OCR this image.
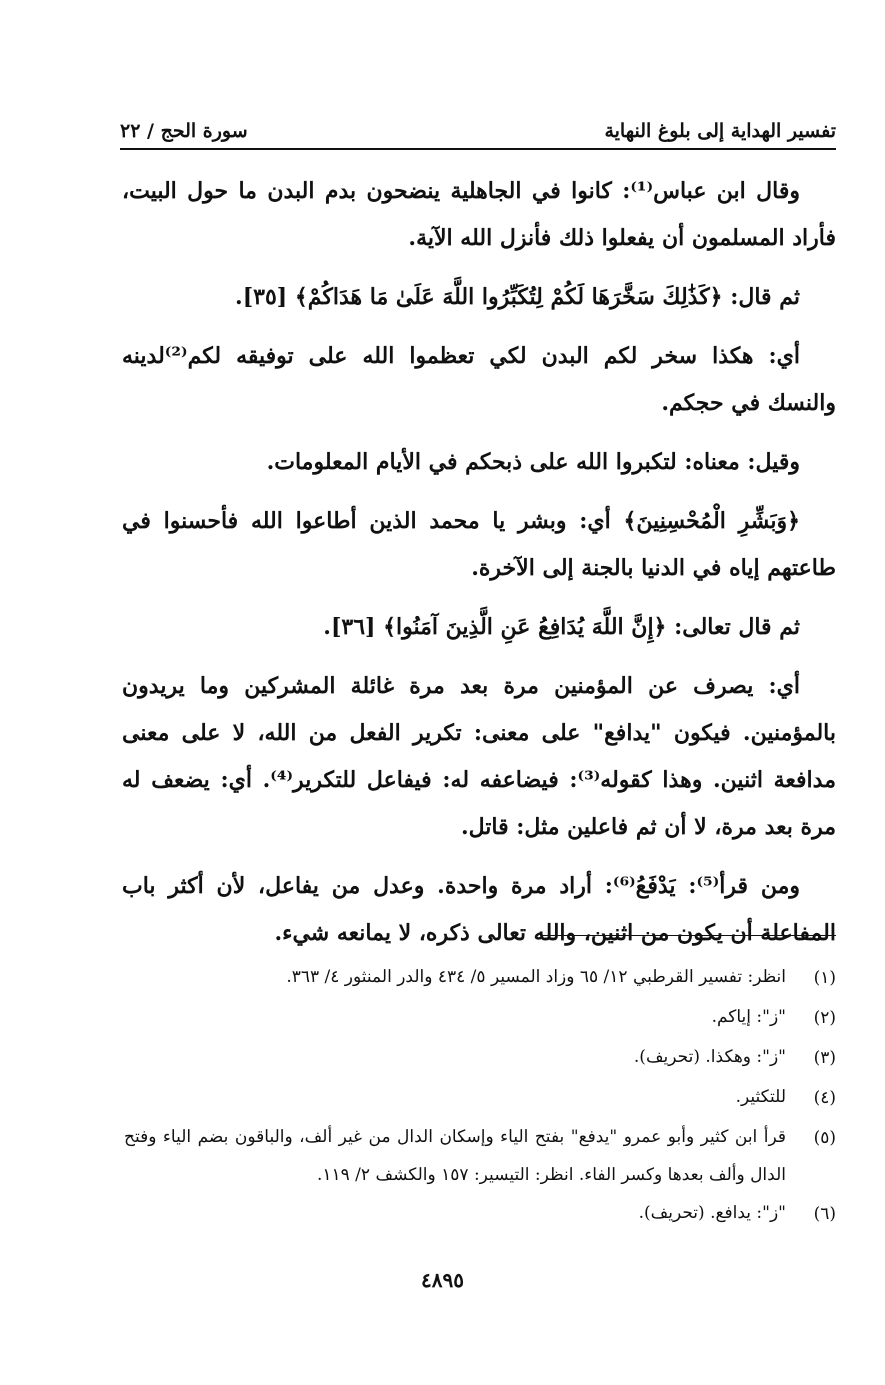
تفسير الهداية إلى بلوغ النهاية
سورة الحج / ٢٢

وقال ابن عباس⁽¹⁾: كانوا في الجاهلية ينضحون بدم البدن ما حول البيت، فأراد المسلمون أن يفعلوا ذلك فأنزل الله الآية.

ثم قال: ﴿كَذَٰلِكَ سَخَّرَهَا لَكُمْ لِتُكَبِّرُوا اللَّهَ عَلَىٰ مَا هَدَاكُمْ﴾ [٣٥].

أي: هكذا سخر لكم البدن لكي تعظموا الله على توفيقه لكم⁽²⁾لدينه والنسك في حجكم.

وقيل: معناه: لتكبروا الله على ذبحكم في الأيام المعلومات.

﴿وَبَشِّرِ الْمُحْسِنِينَ﴾ أي: وبشر يا محمد الذين أطاعوا الله فأحسنوا في طاعتهم إياه في الدنيا بالجنة إلى الآخرة.

ثم قال تعالى: ﴿إِنَّ اللَّهَ يُدَافِعُ عَنِ الَّذِينَ آمَنُوا﴾ [٣٦].

أي: يصرف عن المؤمنين مرة بعد مرة غائلة المشركين وما يريدون بالمؤمنين. فيكون "يدافع" على معنى: تكرير الفعل من الله، لا على معنى مدافعة اثنين. وهذا كقوله⁽³⁾: فيضاعفه له: فيفاعل للتكرير⁽⁴⁾. أي: يضعف له مرة بعد مرة، لا أن ثم فاعلين مثل: قاتل.

ومن قرأ⁽⁵⁾: يَدْفَعُ⁽⁶⁾: أراد مرة واحدة. وعدل من يفاعل، لأن أكثر باب المفاعلة أن يكون من اثنين، والله تعالى ذكره، لا يمانعه شيء.

(١)
انظر: تفسير القرطبي ١٢/ ٦٥ وزاد المسير ٥/ ٤٣٤ والدر المنثور ٤/ ٣٦٣.
(٢)
"ز": إياكم.
(٣)
"ز": وهكذا. (تحريف).
(٤)
للتكثير.
(٥)
قرأ ابن كثير وأبو عمرو "يدفع" بفتح الياء وإسكان الدال من غير ألف، والباقون بضم الياء وفتح الدال وألف بعدها وكسر الفاء. انظر: التيسير: ١٥٧ والكشف ٢/ ١١٩.
(٦)
"ز": يدافع. (تحريف).
٤٨٩٥
